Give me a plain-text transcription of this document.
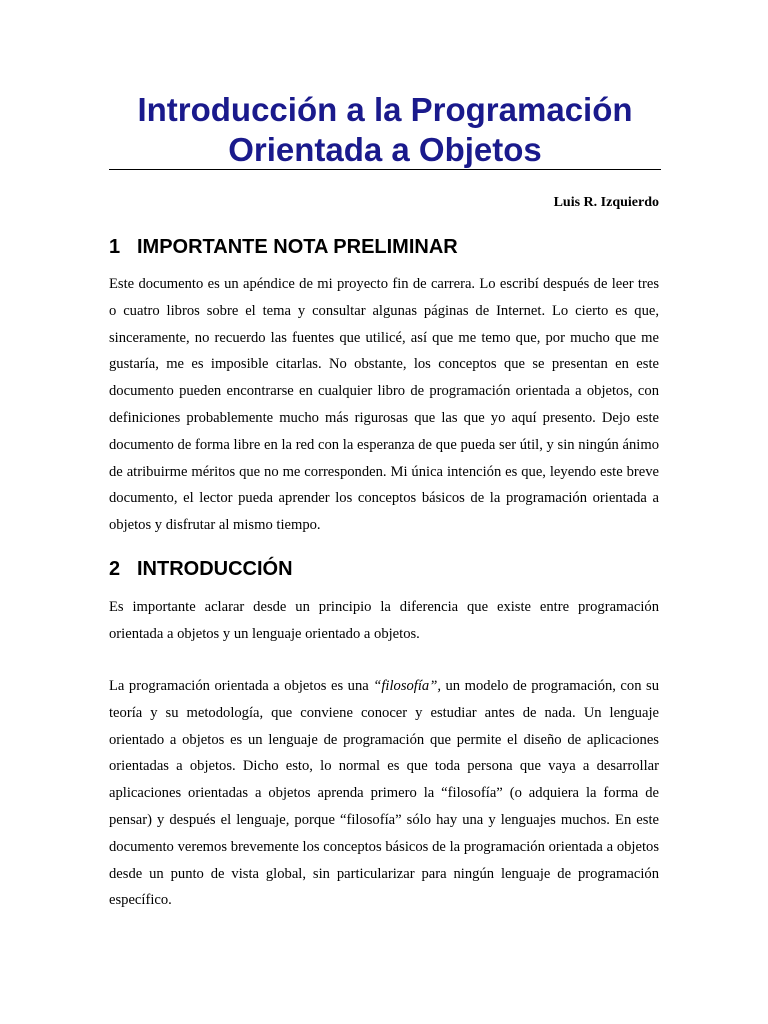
Introducción a la Programación
Orientada a Objetos
Luis R. Izquierdo
1 IMPORTANTE NOTA PRELIMINAR

Este documento es un apéndice de mi proyecto fin de carrera. Lo escribí después de leer tres o cuatro libros sobre el tema y consultar algunas páginas de Internet. Lo cierto es que, sinceramente, no recuerdo las fuentes que utilicé, así que me temo que, por mucho que me gustaría, me es imposible citarlas. No obstante, los conceptos que se presentan en este documento pueden encontrarse en cualquier libro de programación orientada a objetos, con definiciones probablemente mucho más rigurosas que las que yo aquí presento. Dejo este documento de forma libre en la red con la esperanza de que pueda ser útil, y sin ningún ánimo de atribuirme méritos que no me corresponden. Mi única intención es que, leyendo este breve documento, el lector pueda aprender los conceptos básicos de la programación orientada a objetos y disfrutar al mismo tiempo.

2 INTRODUCCIÓN

Es importante aclarar desde un principio la diferencia que existe entre programación orientada a objetos y un lenguaje orientado a objetos.

La programación orientada a objetos es una “filosofía”, un modelo de programación, con su teoría y su metodología, que conviene conocer y estudiar antes de nada. Un lenguaje orientado a objetos es un lenguaje de programación que permite el diseño de aplicaciones orientadas a objetos. Dicho esto, lo normal es que toda persona que vaya a desarrollar aplicaciones orientadas a objetos aprenda primero la “filosofía” (o adquiera la forma de pensar) y después el lenguaje, porque “filosofía” sólo hay una y lenguajes muchos. En este documento veremos brevemente los conceptos básicos de la programación orientada a objetos desde un punto de vista global, sin particularizar para ningún lenguaje de programación específico.
